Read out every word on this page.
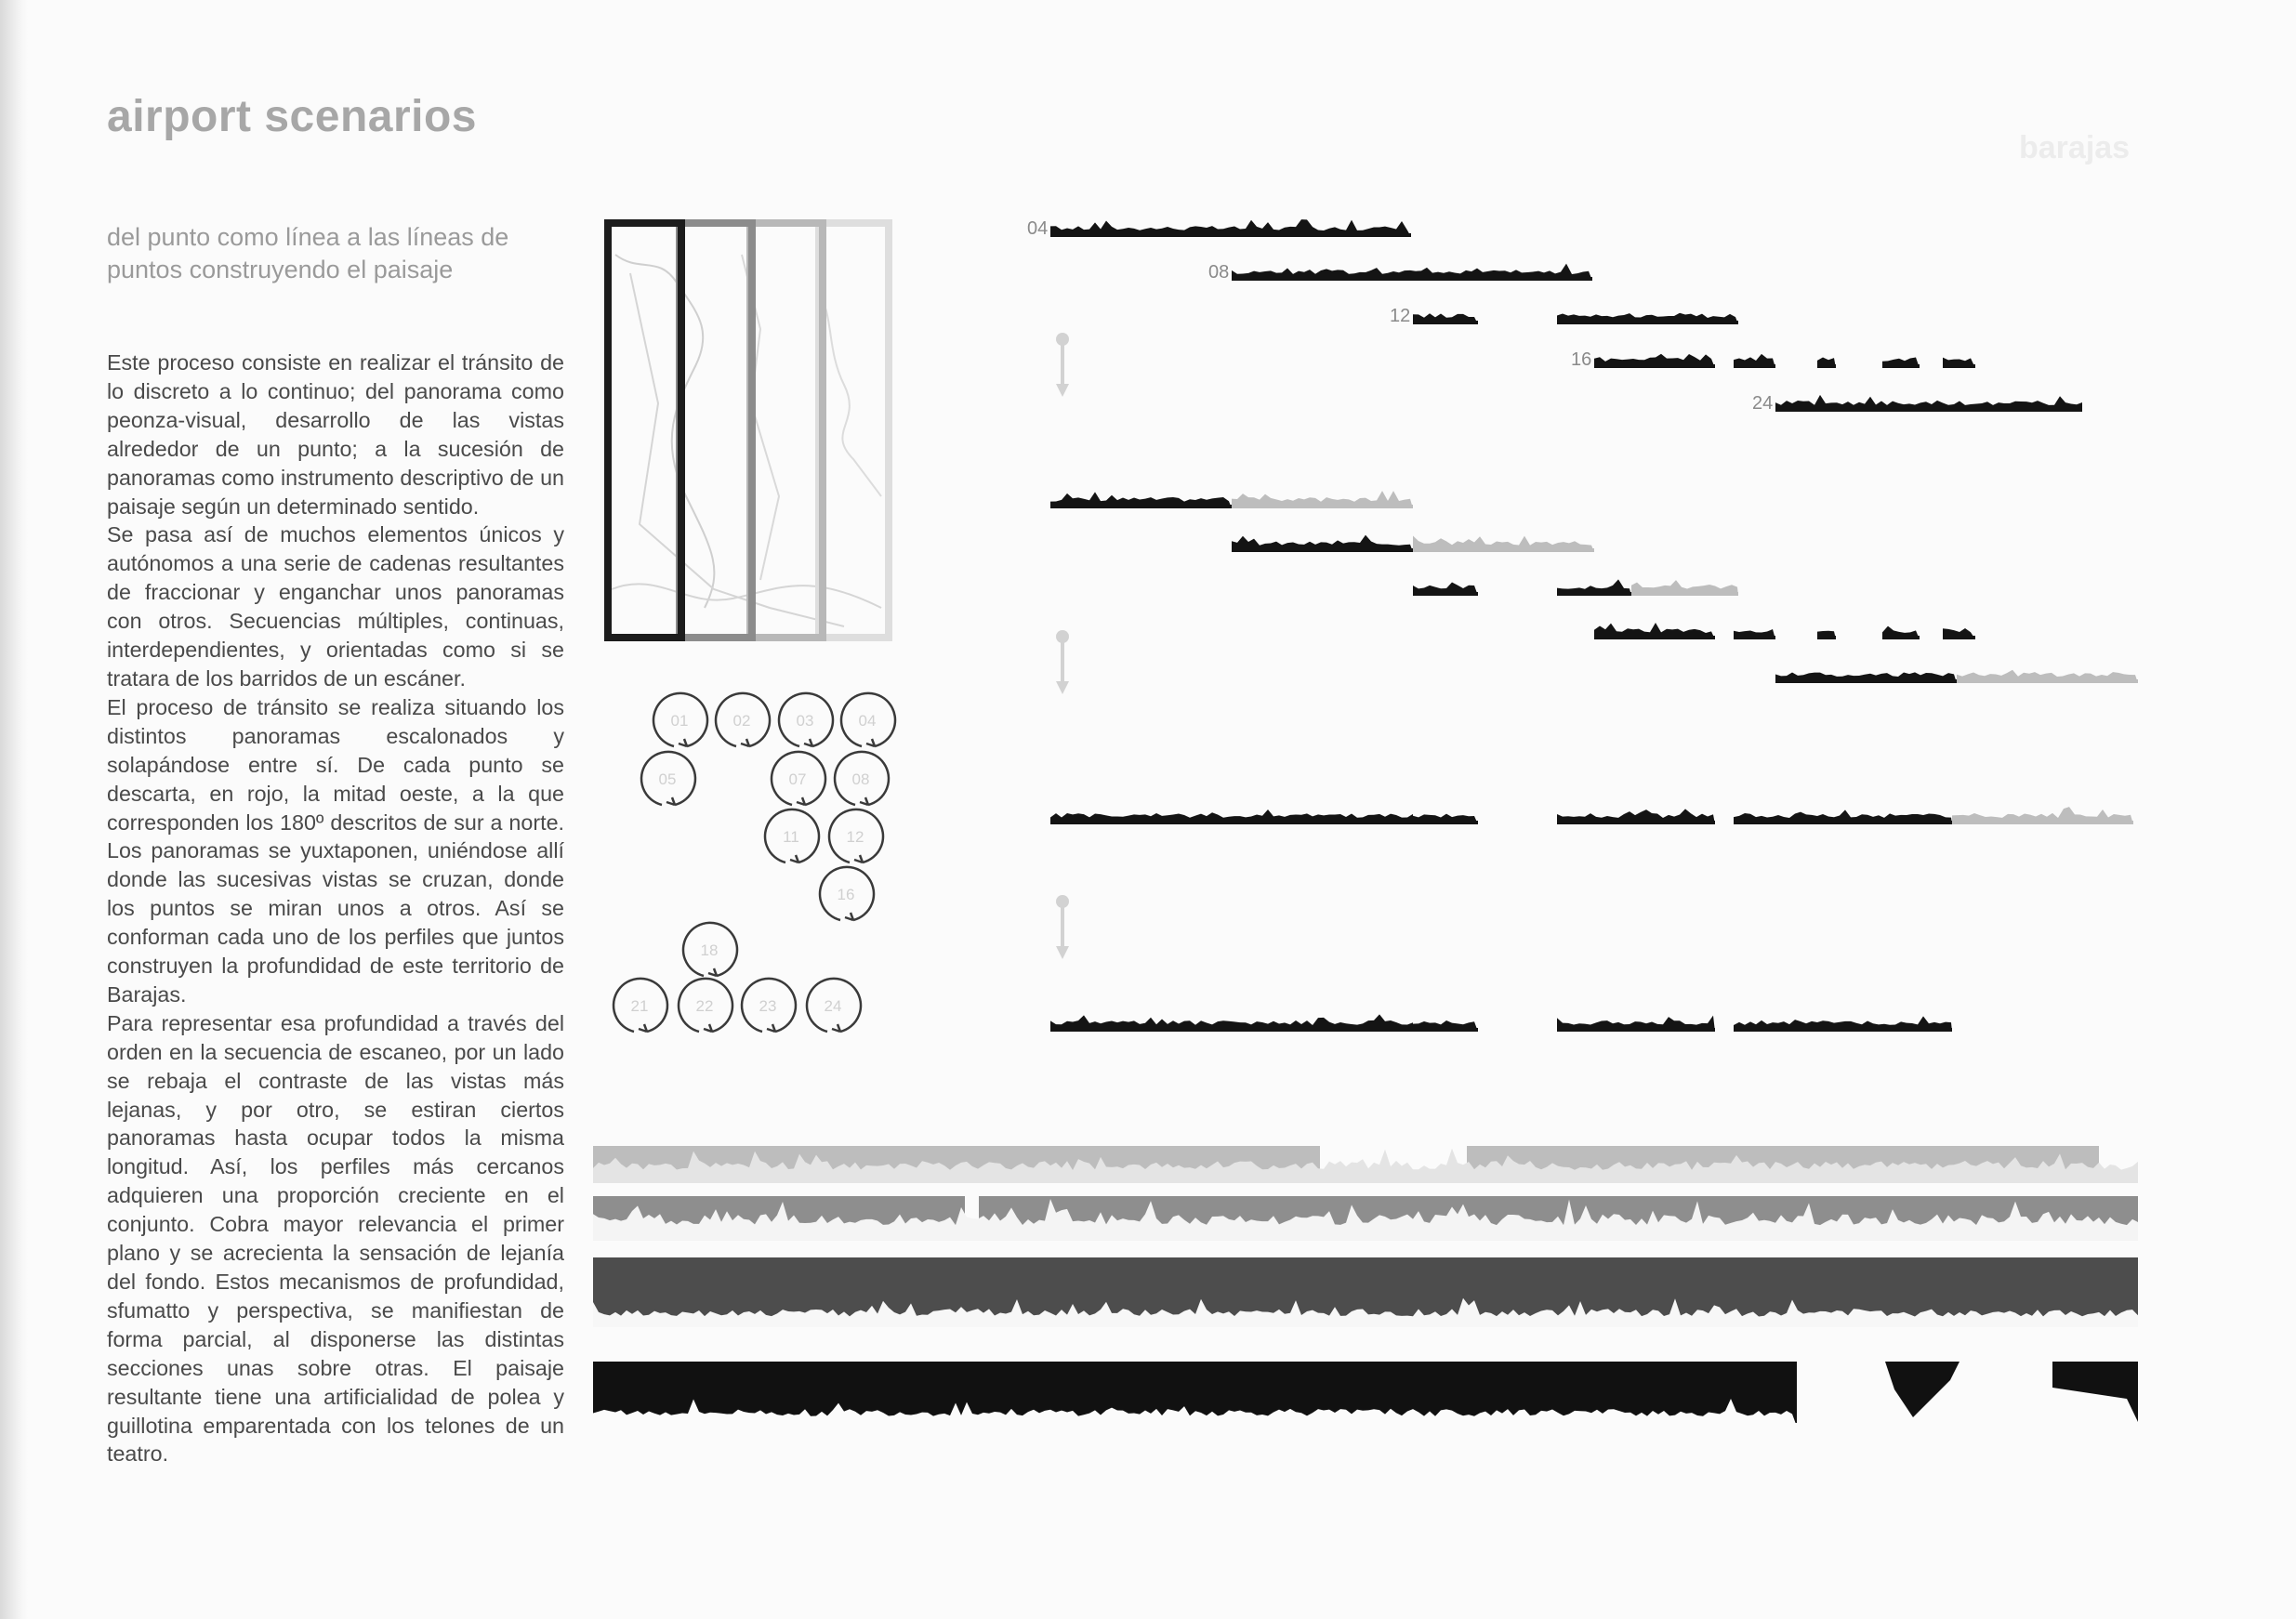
airport scenarios
barajas
del punto como línea a las líneas de puntos construyendo el paisaje
Este proceso consiste en realizar el tránsito de lo discreto a lo continuo; del panorama como peonza-visual, desarrollo de las vistas alrededor de un punto; a la sucesión de panoramas como instrumento descriptivo de un paisaje según un determinado sentido.
Se pasa así de muchos elementos únicos y autónomos a una serie de cadenas resultantes de fraccionar y enganchar unos panoramas con otros. Secuencias múltiples, continuas, interdependientes, y orientadas como si se tratara de los barridos de un escáner.
El proceso de tránsito se realiza situando los distintos panoramas escalonados y solapándose entre sí. De cada punto se descarta, en rojo, la mitad oeste, a la que corresponden los 180º descritos de sur a norte. Los panoramas se yuxtaponen, uniéndose allí donde las sucesivas vistas se cruzan, donde los puntos se miran unos a otros. Así se conforman cada uno de los perfiles que juntos construyen la profundidad de este territorio de Barajas.
Para representar esa profundidad a través del orden en la secuencia de escaneo, por un lado se rebaja el contraste de las vistas más lejanas, y por otro, se estiran ciertos panoramas hasta ocupar todos la misma longitud. Así, los perfiles más cercanos adquieren una proporción creciente en el conjunto. Cobra mayor relevancia el primer plano y se acrecienta la sensación de lejanía del fondo. Estos mecanismos de profundidad, sfumatto y perspectiva, se manifiestan de forma parcial, al disponerse las distintas secciones unas sobre otras. El paisaje resultante tiene una artificialidad de polea y guillotina emparentada con los telones de un teatro.
01	02	03	04
05	07	08
11	12
16
18
21	22	23	24
04
08
12
16
24
